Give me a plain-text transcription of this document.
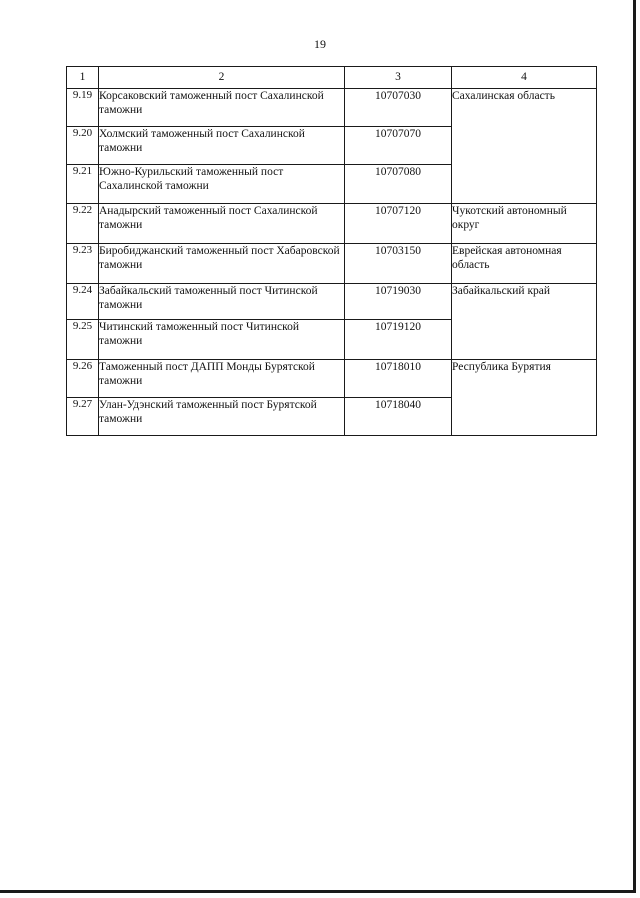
19
1	2	3	4
9.19	Корсаковский таможенный пост Сахалинской таможни	10707030	Сахалинская область
9.20	Холмский таможенный пост Сахалинской таможни	10707070	
9.21	Южно-Курильский таможенный пост Сахалинской таможни	10707080	
9.22	Анадырский таможенный пост Сахалинской таможни	10707120	Чукотский автономный округ
9.23	Биробиджанский таможенный пост Хабаровской таможни	10703150	Еврейская автономная область
9.24	Забайкальский таможенный пост Читинской таможни	10719030	Забайкальский край
9.25	Читинский таможенный пост Читинской таможни	10719120	
9.26	Таможенный пост ДАПП Монды Бурятской таможни	10718010	Республика Бурятия
9.27	Улан-Удэнский таможенный пост Бурятской таможни	10718040	
